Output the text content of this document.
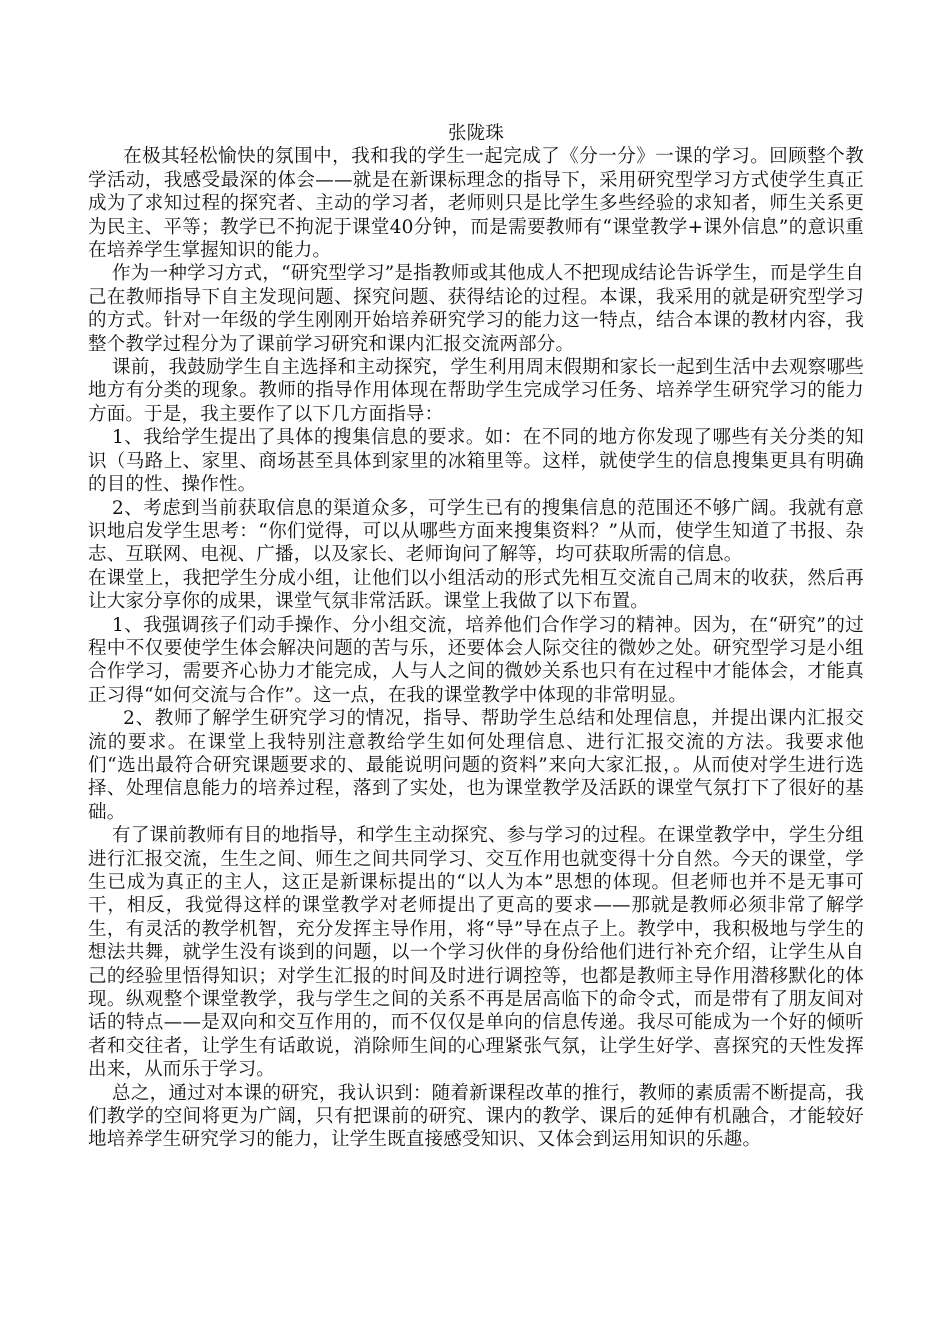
张陇珠

在极其轻松愉快的氛围中，我和我的学生一起完成了《分一分》一课的学习。回顾整个教学活动，我感受最深的体会——就是在新课标理念的指导下，采用研究型学习方式使学生真正成为了求知过程的探究者、主动的学习者，老师则只是比学生多些经验的求知者，师生关系更为民主、平等；教学已不拘泥于课堂40分钟，而是需要教师有“课堂教学+课外信息”的意识重在培养学生掌握知识的能力。

作为一种学习方式，“研究型学习”是指教师或其他成人不把现成结论告诉学生，而是学生自己在教师指导下自主发现问题、探究问题、获得结论的过程。本课，我采用的就是研究型学习的方式。针对一年级的学生刚刚开始培养研究学习的能力这一特点，结合本课的教材内容，我整个教学过程分为了课前学习研究和课内汇报交流两部分。

课前，我鼓励学生自主选择和主动探究，学生利用周末假期和家长一起到生活中去观察哪些地方有分类的现象。教师的指导作用体现在帮助学生完成学习任务、培养学生研究学习的能力方面。于是，我主要作了以下几方面指导：

1、我给学生提出了具体的搜集信息的要求。如：在不同的地方你发现了哪些有关分类的知识（马路上、家里、商场甚至具体到家里的冰箱里等。这样，就使学生的信息搜集更具有明确的目的性、操作性。

2、考虑到当前获取信息的渠道众多，可学生已有的搜集信息的范围还不够广阔。我就有意识地启发学生思考：“你们觉得，可以从哪些方面来搜集资料？”从而，使学生知道了书报、杂志、互联网、电视、广播，以及家长、老师询问了解等，均可获取所需的信息。

在课堂上，我把学生分成小组，让他们以小组活动的形式先相互交流自己周末的收获，然后再让大家分享你的成果，课堂气氛非常活跃。课堂上我做了以下布置。

1、我强调孩子们动手操作、分小组交流，培养他们合作学习的精神。因为，在“研究”的过程中不仅要使学生体会解决问题的苦与乐，还要体会人际交往的微妙之处。研究型学习是小组合作学习，需要齐心协力才能完成，人与人之间的微妙关系也只有在过程中才能体会，才能真正习得“如何交流与合作”。这一点，在我的课堂教学中体现的非常明显。

2、教师了解学生研究学习的情况，指导、帮助学生总结和处理信息，并提出课内汇报交流的要求。在课堂上我特别注意教给学生如何处理信息、进行汇报交流的方法。我要求他们“选出最符合研究课题要求的、最能说明问题的资料”来向大家汇报，。从而使对学生进行选择、处理信息能力的培养过程，落到了实处，也为课堂教学及活跃的课堂气氛打下了很好的基础。

有了课前教师有目的地指导，和学生主动探究、参与学习的过程。在课堂教学中，学生分组进行汇报交流，生生之间、师生之间共同学习、交互作用也就变得十分自然。今天的课堂，学生已成为真正的主人，这正是新课标提出的“以人为本”思想的体现。但老师也并不是无事可干，相反，我觉得这样的课堂教学对老师提出了更高的要求——那就是教师必须非常了解学生，有灵活的教学机智，充分发挥主导作用，将“导”导在点子上。教学中，我积极地与学生的想法共舞，就学生没有谈到的问题，以一个学习伙伴的身份给他们进行补充介绍，让学生从自己的经验里悟得知识；对学生汇报的时间及时进行调控等，也都是教师主导作用潜移默化的体现。纵观整个课堂教学，我与学生之间的关系不再是居高临下的命令式，而是带有了朋友间对话的特点——是双向和交互作用的，而不仅仅是单向的信息传递。我尽可能成为一个好的倾听者和交往者，让学生有话敢说，消除师生间的心理紧张气氛，让学生好学、喜探究的天性发挥出来，从而乐于学习。

总之，通过对本课的研究，我认识到：随着新课程改革的推行，教师的素质需不断提高，我们教学的空间将更为广阔，只有把课前的研究、课内的教学、课后的延伸有机融合，才能较好地培养学生研究学习的能力，让学生既直接感受知识、又体会到运用知识的乐趣。
